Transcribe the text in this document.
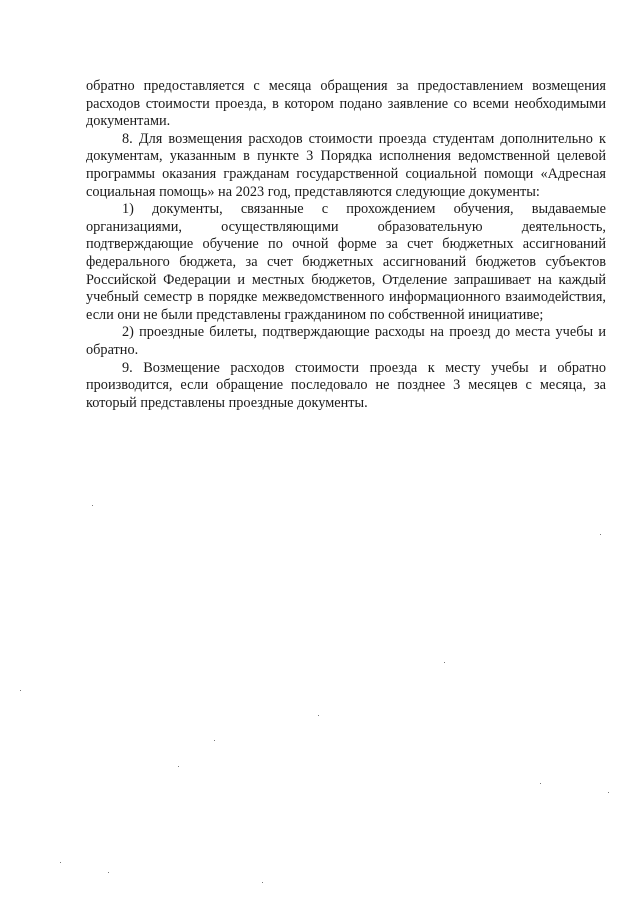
обратно предоставляется с месяца обращения за предоставлением возмещения расходов стоимости проезда, в котором подано заявление со всеми необходимыми документами.

8. Для возмещения расходов стоимости проезда студентам дополнительно к документам, указанным в пункте 3 Порядка исполнения ведомственной целевой программы оказания гражданам государственной социальной помощи «Адресная социальная помощь» на 2023 год, представляются следующие документы:

1) документы, связанные с прохождением обучения, выдаваемые организациями, осуществляющими образовательную деятельность, подтверждающие обучение по очной форме за счет бюджетных ассигнований федерального бюджета, за счет бюджетных ассигнований бюджетов субъектов Российской Федерации и местных бюджетов, Отделение запрашивает на каждый учебный семестр в порядке межведомственного информационного взаимодействия, если они не были представлены гражданином по собственной инициативе;

2) проездные билеты, подтверждающие расходы на проезд до места учебы и обратно.

9. Возмещение расходов стоимости проезда к месту учебы и обратно производится, если обращение последовало не позднее 3 месяцев с месяца, за который представлены проездные документы.
